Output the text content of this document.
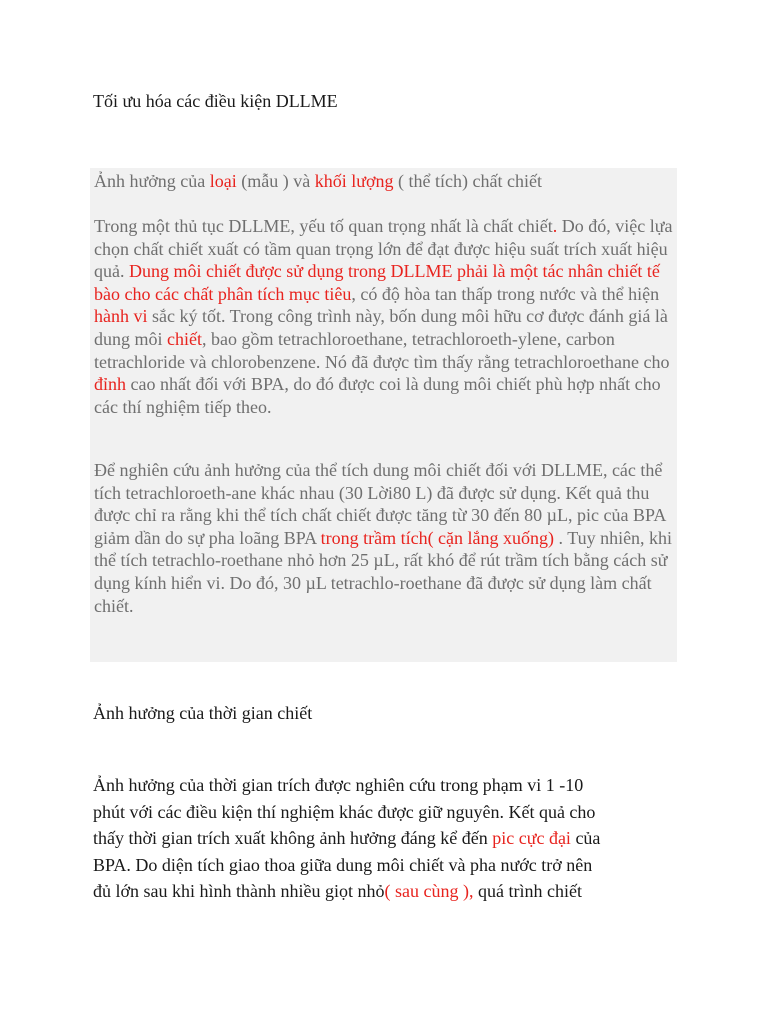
Tối ưu hóa các điều kiện DLLME

Ảnh hưởng của loại (mẫu ) và khối lượng ( thể tích) chất chiết

Trong một thủ tục DLLME, yếu tố quan trọng nhất là chất chiết. Do đó, việc lựa chọn chất chiết xuất có tầm quan trọng lớn để đạt được hiệu suất trích xuất hiệu quả. Dung môi chiết được sử dụng trong DLLME phải là một tác nhân chiết tế bào cho các chất phân tích mục tiêu, có độ hòa tan thấp trong nước và thể hiện hành vi sắc ký tốt. Trong công trình này, bốn dung môi hữu cơ được đánh giá là dung môi chiết, bao gồm tetrachloroethane, tetrachloroeth-ylene, carbon tetrachloride và chlorobenzene. Nó đã được tìm thấy rằng tetrachloroethane cho đỉnh cao nhất đối với BPA, do đó được coi là dung môi chiết phù hợp nhất cho các thí nghiệm tiếp theo.

Để nghiên cứu ảnh hưởng của thể tích dung môi chiết đối với DLLME, các thể tích tetrachloroeth-ane khác nhau (30 Lời80 L) đã được sử dụng. Kết quả thu được chỉ ra rằng khi thể tích chất chiết được tăng từ 30 đến 80 µL, pic của BPA giảm dần do sự pha loãng BPA trong trầm tích( cặn lắng xuống) . Tuy nhiên, khi thể tích tetrachlo-roethane nhỏ hơn 25 µL, rất khó để rút trầm tích bằng cách sử dụng kính hiển vi. Do đó, 30 µL tetrachlo-roethane đã được sử dụng làm chất chiết.

Ảnh hưởng của thời gian chiết

Ảnh hưởng của thời gian trích được nghiên cứu trong phạm vi 1 -10
phút với các điều kiện thí nghiệm khác được giữ nguyên. Kết quả cho
thấy thời gian trích xuất không ảnh hưởng đáng kể đến pic cực đại của
BPA. Do diện tích giao thoa giữa dung môi chiết và pha nước trở nên
đủ lớn sau khi hình thành nhiều giọt nhỏ( sau cùng ), quá trình chiết
